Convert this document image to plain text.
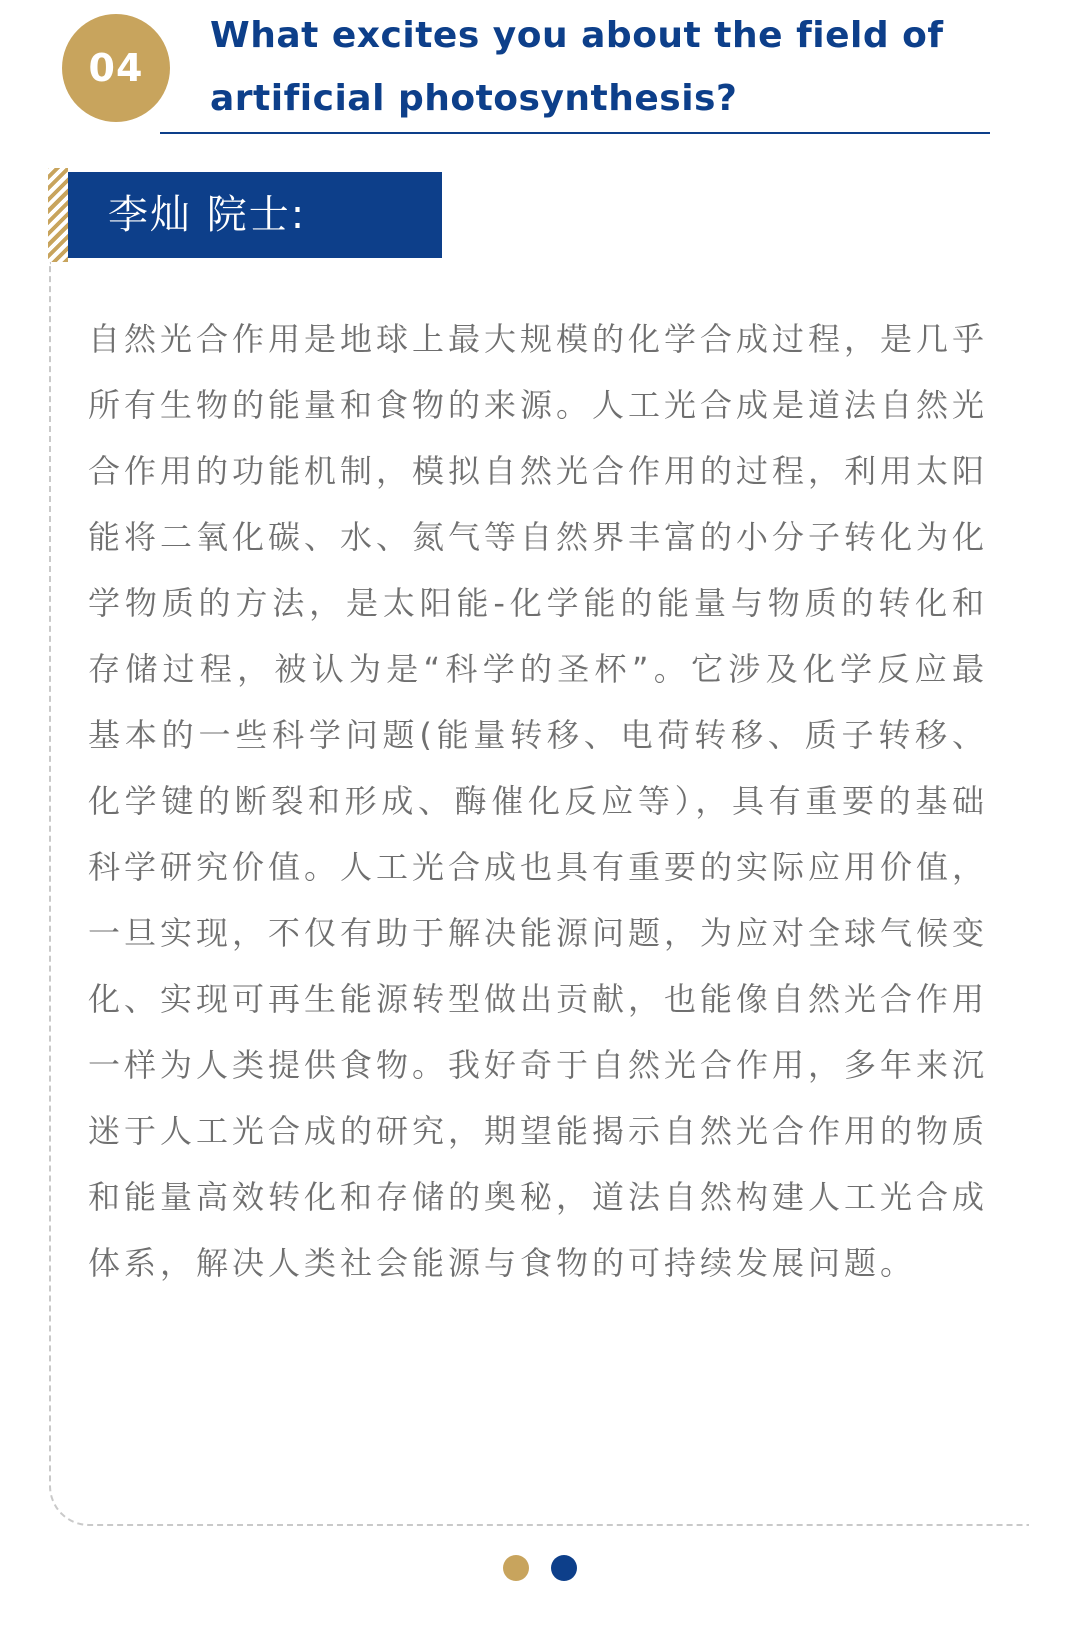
04
What excites you about the field of
artificial photosynthesis?
李灿 院士:

自然光合作用是地球上最大规模的化学合成过程，是几乎所有生物的能量和食物的来源。人工光合成是道法自然光合作用的功能机制，模拟自然光合作用的过程，利用太阳能将二氧化碳、水、氮气等自然界丰富的小分子转化为化学物质的方法，是太阳能-化学能的能量与物质的转化和存储过程，被认为是“科学的圣杯”。它涉及化学反应最基本的一些科学问题(能量转移、电荷转移、质子转移、化学键的断裂和形成、酶催化反应等），具有重要的基础科学研究价值。人工光合成也具有重要的实际应用价值，一旦实现，不仅有助于解决能源问题，为应对全球气候变化、实现可再生能源转型做出贡献，也能像自然光合作用一样为人类提供食物。我好奇于自然光合作用，多年来沉迷于人工光合成的研究，期望能揭示自然光合作用的物质和能量高效转化和存储的奥秘，道法自然构建人工光合成体系，解决人类社会能源与食物的可持续发展问题。
